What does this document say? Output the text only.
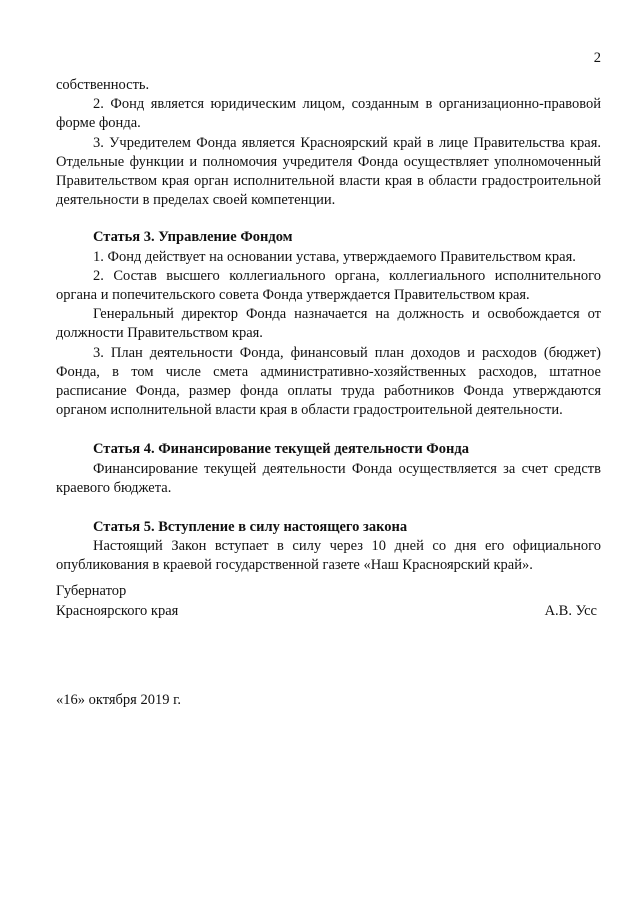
2

собственность.

2. Фонд является юридическим лицом, созданным в организационно-правовой форме фонда.

3. Учредителем Фонда является Красноярский край в лице Правительства края. Отдельные функции и полномочия учредителя Фонда осуществляет уполномоченный Правительством края орган исполнительной власти края в области градостроительной деятельности в пределах своей компетенции.

Статья 3. Управление Фондом

1. Фонд действует на основании устава, утверждаемого Правительством края.

2. Состав высшего коллегиального органа, коллегиального исполнительного органа и попечительского совета Фонда утверждается Правительством края.

Генеральный директор Фонда назначается на должность и освобождается от должности Правительством края.

3. План деятельности Фонда, финансовый план доходов и расходов (бюджет) Фонда, в том числе смета административно-хозяйственных расходов, штатное расписание Фонда, размер фонда оплаты труда работников Фонда утверждаются органом исполнительной власти края в области градостроительной деятельности.

Статья 4. Финансирование текущей деятельности Фонда

Финансирование текущей деятельности Фонда осуществляется за счет средств краевого бюджета.

Статья 5. Вступление в силу настоящего закона

Настоящий Закон вступает в силу через 10 дней со дня его официального опубликования в краевой государственной газете «Наш Красноярский край».

Губернатор
Красноярского края	А.В. Усс
«16» октября 2019 г.
